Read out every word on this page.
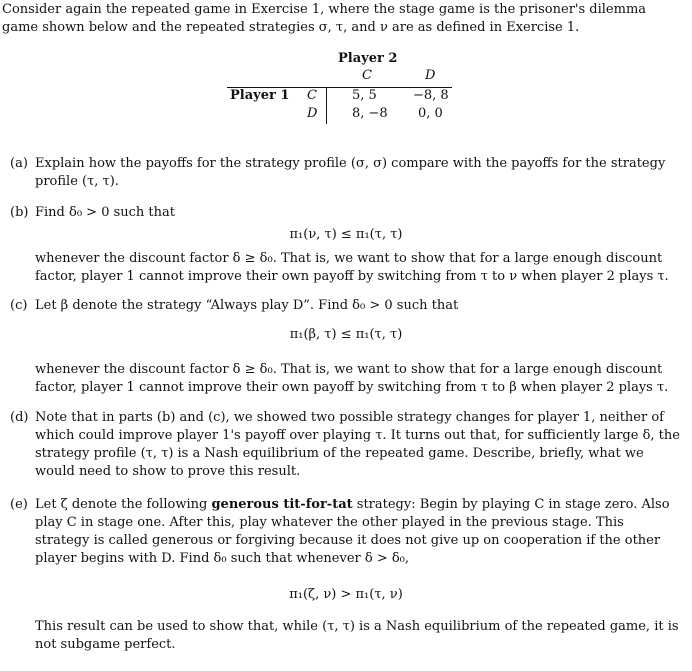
Consider again the repeated game in Exercise 1, where the stage game is the prisoner's dilemma game shown below and the repeated strategies σ, τ, and ν are as defined in Exercise 1.
Player 2
C	D
Player 1 C
D
5, 5	−8, 8
8, −8 0, 0
(a) Explain how the payoffs for the strategy profile (σ, σ) compare with the payoffs for the strategy profile (τ, τ).
(b) Find δ₀ > 0 such that
π₁(ν, τ) ≤ π₁(τ, τ)
whenever the discount factor δ ≥ δ₀. That is, we want to show that for a large enough discount factor, player 1 cannot improve their own payoff by switching from τ to ν when player 2 plays τ.
(c) Let β denote the strategy “Always play D”. Find δ₀ > 0 such that
π₁(β, τ) ≤ π₁(τ, τ)
whenever the discount factor δ ≥ δ₀. That is, we want to show that for a large enough discount factor, player 1 cannot improve their own payoff by switching from τ to β when player 2 plays τ.
(d) Note that in parts (b) and (c), we showed two possible strategy changes for player 1, neither of which could improve player 1's payoff over playing τ. It turns out that, for sufficiently large δ, the strategy profile (τ, τ) is a Nash equilibrium of the repeated game. Describe, briefly, what we would need to show to prove this result.
(e) Let ζ denote the following generous tit-for-tat strategy: Begin by playing C in stage zero. Also play C in stage one. After this, play whatever the other played in the previous stage. This strategy is called generous or forgiving because it does not give up on cooperation if the other player begins with D. Find δ₀ such that whenever δ > δ₀,
π₁(ζ, ν) > π₁(τ, ν)
This result can be used to show that, while (τ, τ) is a Nash equilibrium of the repeated game, it is not subgame perfect.
